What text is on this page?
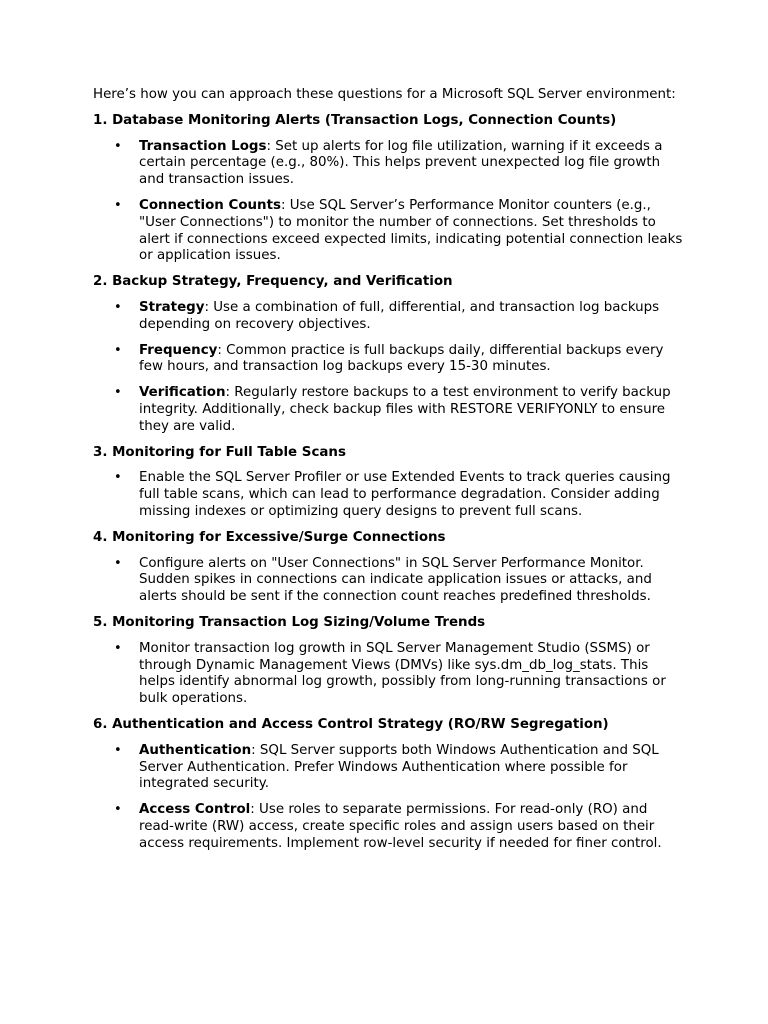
Here’s how you can approach these questions for a Microsoft SQL Server environment:

1. Database Monitoring Alerts (Transaction Logs, Connection Counts)

• Transaction Logs: Set up alerts for log file utilization, warning if it exceeds a certain percentage (e.g., 80%). This helps prevent unexpected log file growth and transaction issues.
• Connection Counts: Use SQL Server’s Performance Monitor counters (e.g., "User Connections") to monitor the number of connections. Set thresholds to alert if connections exceed expected limits, indicating potential connection leaks or application issues.

2. Backup Strategy, Frequency, and Verification

• Strategy: Use a combination of full, differential, and transaction log backups depending on recovery objectives.
• Frequency: Common practice is full backups daily, differential backups every few hours, and transaction log backups every 15-30 minutes.
• Verification: Regularly restore backups to a test environment to verify backup integrity. Additionally, check backup files with RESTORE VERIFYONLY to ensure they are valid.

3. Monitoring for Full Table Scans

• Enable the SQL Server Profiler or use Extended Events to track queries causing full table scans, which can lead to performance degradation. Consider adding missing indexes or optimizing query designs to prevent full scans.

4. Monitoring for Excessive/Surge Connections

• Configure alerts on "User Connections" in SQL Server Performance Monitor. Sudden spikes in connections can indicate application issues or attacks, and alerts should be sent if the connection count reaches predefined thresholds.

5. Monitoring Transaction Log Sizing/Volume Trends

• Monitor transaction log growth in SQL Server Management Studio (SSMS) or through Dynamic Management Views (DMVs) like sys.dm_db_log_stats. This helps identify abnormal log growth, possibly from long-running transactions or bulk operations.

6. Authentication and Access Control Strategy (RO/RW Segregation)

• Authentication: SQL Server supports both Windows Authentication and SQL Server Authentication. Prefer Windows Authentication where possible for integrated security.
• Access Control: Use roles to separate permissions. For read-only (RO) and read-write (RW) access, create specific roles and assign users based on their access requirements. Implement row-level security if needed for finer control.
